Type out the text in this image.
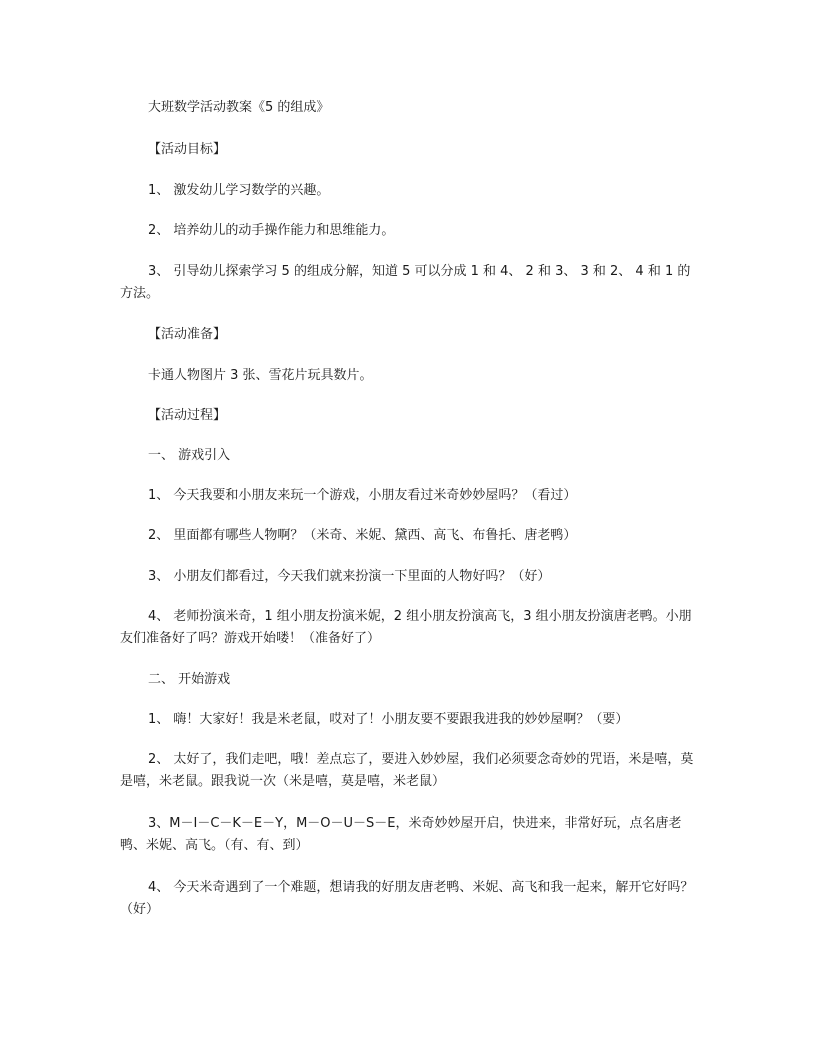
大班数学活动教案《5 的组成》

【活动目标】

1、 激发幼儿学习数学的兴趣。

2、 培养幼儿的动手操作能力和思维能力。

3、 引导幼儿探索学习 5 的组成分解，知道 5 可以分成 1 和 4、 2 和 3、 3 和 2、 4 和 1 的方法。

【活动准备】

卡通人物图片 3 张、雪花片玩具数片。

【活动过程】

一、 游戏引入

1、 今天我要和小朋友来玩一个游戏，小朋友看过米奇妙妙屋吗？（看过）

2、 里面都有哪些人物啊？（米奇、米妮、黛西、高飞、布鲁托、唐老鸭）

3、 小朋友们都看过，今天我们就来扮演一下里面的人物好吗？（好）

4、 老师扮演米奇，1 组小朋友扮演米妮，2 组小朋友扮演高飞，3 组小朋友扮演唐老鸭。小朋友们准备好了吗？游戏开始喽！（准备好了）

二、 开始游戏

1、 嗨！大家好！我是米老鼠，哎对了！小朋友要不要跟我进我的妙妙屋啊？（要）

2、 太好了，我们走吧，哦！差点忘了，要进入妙妙屋，我们必须要念奇妙的咒语，米是嘻，莫是嘻，米老鼠。跟我说一次（米是嘻，莫是嘻，米老鼠）

3、M－I－C－K－E－Y，M－O－U－S－E，米奇妙妙屋开启，快进来，非常好玩，点名唐老鸭、米妮、高飞。（有、有、到）

4、 今天米奇遇到了一个难题，想请我的好朋友唐老鸭、米妮、高飞和我一起来，解开它好吗？（好）
